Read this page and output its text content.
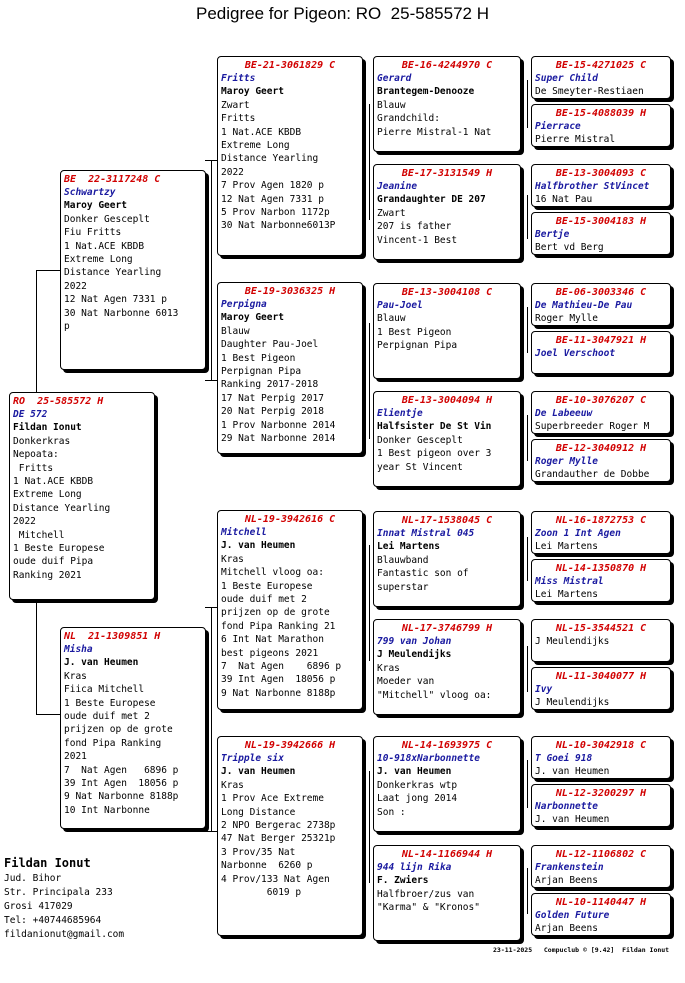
Pedigree for Pigeon: RO  25-585572 H
RO  25-585572 H
DE 572
Fildan Ionut
Donkerkras
Nepoata:
Fritts
1 Nat.ACE KBDB
Extreme Long
Distance Yearling
2022
Mitchell
1 Beste Europese
oude duif Pipa
Ranking 2021
BE  22-3117248 C
Schwartzy
Maroy Geert
Donker Gesceplt
Fiu Fritts
1 Nat.ACE KBDB
Extreme Long
Distance Yearling
2022
12 Nat Agen 7331 p
30 Nat Narbonne 6013
p
NL  21-1309851 H
Misha
J. van Heumen
Kras
Fiica Mitchell
1 Beste Europese
oude duif met 2
prijzen op de grote
fond Pipa Ranking
2021
7  Nat Agen   6896 p
39 Int Agen  18056 p
9 Nat Narbonne 8188p
10 Int Narbonne
BE-21-3061829 C
Fritts
Maroy Geert
Zwart
Fritts
1 Nat.ACE KBDB
Extreme Long
Distance Yearling
2022
7 Prov Agen 1820 p
12 Nat Agen 7331 p
5 Prov Narbon 1172p
30 Nat Narbonne6013P
BE-19-3036325 H
Perpigna
Maroy Geert
Blauw
Daughter Pau-Joel
1 Best Pigeon
Perpignan Pipa
Ranking 2017-2018
17 Nat Perpig 2017
20 Nat Perpig 2018
1 Prov Narbonne 2014
29 Nat Narbonne 2014
NL-19-3942616 C
Mitchell
J. van Heumen
Kras
Mitchell vloog oa:
1 Beste Europese
oude duif met 2
prijzen op de grote
fond Pipa Ranking 21
6 Int Nat Marathon
best pigeons 2021
7  Nat Agen    6896 p
39 Int Agen  18056 p
9 Nat Narbonne 8188p
NL-19-3942666 H
Tripple six
J. van Heumen
Kras
1 Prov Ace Extreme
Long Distance
2 NPO Bergerac 2738p
47 Nat Berger 25321p
3 Prov/35 Nat
Narbonne  6260 p
4 Prov/133 Nat Agen
6019 p
BE-16-4244970 C
Gerard
Brantegem-Denooze
Blauw
Grandchild:
Pierre Mistral-1 Nat
BE-17-3131549 H
Jeanine
Grandaughter DE 207
Zwart
207 is father
Vincent-1 Best
BE-13-3004108 C
Pau-Joel
Blauw
1 Best Pigeon
Perpignan Pipa
BE-13-3004094 H
Elientje
Halfsister De St Vin
Donker Gesceplt
1 Best pigeon over 3
year St Vincent
NL-17-1538045 C
Innat Mistral 045
Lei Martens
Blauwband
Fantastic son of
superstar
NL-17-3746799 H
799 van Johan
J Meulendijks
Kras
Moeder van
"Mitchell" vloog oa:
NL-14-1693975 C
10-918xNarbonnette
J. van Heumen
Donkerkras wtp
Laat jong 2014
Son :
NL-14-1166944 H
944 lijn Rika
F. Zwiers
Halfbroer/zus van
"Karma" & "Kronos"
BE-15-4271025 C
Super Child
De Smeyter-Restiaen
BE-15-4088039 H
Pierrace
Pierre Mistral
BE-13-3004093 C
Halfbrother StVincet
16 Nat Pau
BE-15-3004183 H
Bertje
Bert vd Berg
BE-06-3003346 C
De Mathieu-De Pau
Roger Mylle
BE-11-3047921 H
Joel Verschoot
BE-10-3076207 C
De Labeeuw
Superbreeder Roger M
BE-12-3040912 H
Roger Mylle
Grandauther de Dobbe
NL-16-1872753 C
Zoon 1 Int Agen
Lei Martens
NL-14-1350870 H
Miss Mistral
Lei Martens
NL-15-3544521 C
J Meulendijks
NL-11-3040077 H
Ivy
J Meulendijks
NL-10-3042918 C
T Goei 918
J. van Heumen
NL-12-3200297 H
Narbonnette
J. van Heumen
NL-12-1106802 C
Frankenstein
Arjan Beens
NL-10-1140447 H
Golden Future
Arjan Beens
Fildan Ionut
Jud. Bihor
Str. Principala 233
Grosi 417029
Tel: +40744685964
fildanionut@gmail.com
23-11-2025   Compuclub © [9.42]  Fildan Ionut
